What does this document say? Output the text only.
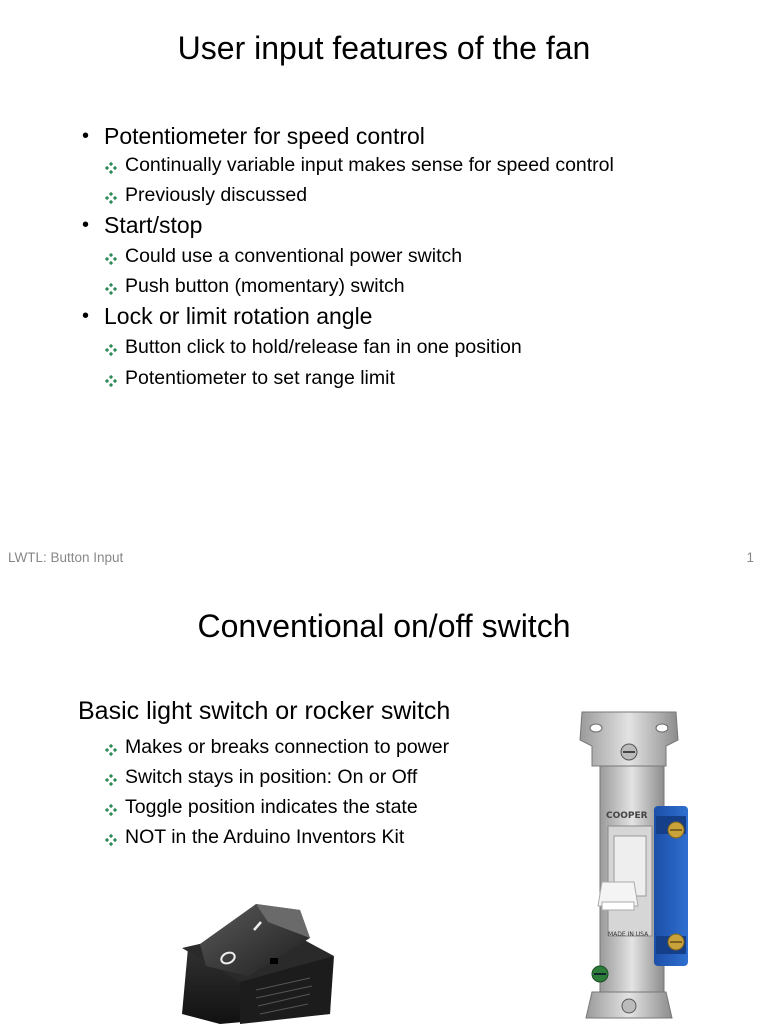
User input features of the fan
• Potentiometer for speed control
Continually variable input makes sense for speed control
Previously discussed
• Start/stop
Could use a conventional power switch
Push button (momentary) switch
• Lock or limit rotation angle
Button click to hold/release fan in one position
Potentiometer to set range limit
LWTL: Button Input	1
Conventional on/off switch
Basic light switch or rocker switch
Makes or breaks connection to power
Switch stays in position: On or Off
Toggle position indicates the state
NOT in the Arduino Inventors Kit
COOPER
MADE IN USA
